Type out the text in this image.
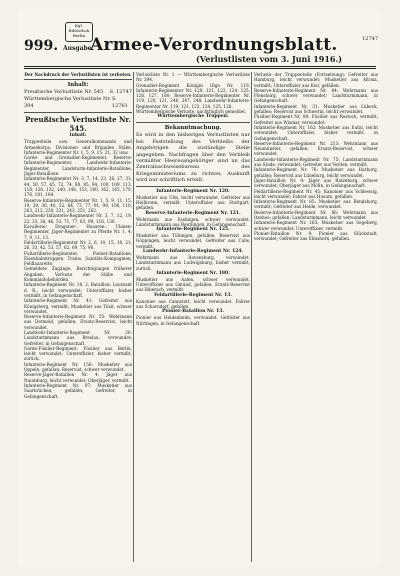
Kgl. Bibliothek Berlin
999. Ausgabe.
Armee-Verordnungsblatt.	12747
(Verlustlisten vom 3. Juni 1916.)
Der Nachdruck der Verlustlisten ist verboten.
Inhalt:
Preußische Verlustliste Nr. 545 S. 12747
Württembergische Verlustliste Nr. 394
S. 12761
Preußische Verlustliste Nr. 545.
Inhalt:
Truppenteile usw. Generalkommando und Armeekorps, Divisionen und Brigaden Stäbe, Infanterie-Regimenter Nr. 1, 5, 9, 15, 21, 32 usw.
Garde- und Grenadier-Regimenter, Reserve-Infanterie-Regimenter, Landwehr-Infanterie-Regimenter, Landsturm-Infanterie-Bataillone, Jäger-Bataillone.
Infanterie-Regimenter Nr. 3, 7, 14, 23, 26, 27, 31, 44, 50, 57, 65, 72, 74, 80, 85, 94, 100, 109, 113, 118, 128, 132, 140, 148, 153, 160, 162, 165, 170, 176, 181, 184.
Reserve-Infanterie-Regimenter Nr. 1, 5, 9, 11, 15, 19, 29, 36, 40, 52, 64, 73, 77, 91, 98, 106, 110, 203, 212, 220, 231, 243, 251, 262.
Landwehr-Infanterie-Regimenter Nr. 3, 7, 12, 19, 22, 33, 38, 46, 53, 71, 77, 83, 99, 116, 130.
Kavallerie: Dragoner-, Husaren-, Ulanen-Regimenter, Jäger-Regimenter zu Pferde Nr. 1, 4, 7, 9, 11, 13.
Feldartillerie-Regimenter Nr. 2, 6, 10, 15, 18, 21, 26, 33, 42, 53, 57, 62, 69, 75, 96.
Fußartillerie-Regimenter, Pionier-Bataillone, Eisenbahntruppen, Trains, Sanitäts-Kompagnien, Feldlazarette.
Gemeldete Zugänge, Berichtigungen früherer Angaben, Verluste der Stäbe und Kommandobehörden.
Infanterie-Regiment Nr. 18, 2. Bataillon: Leutnant d. R., leicht verwundet; Unteroffizier, bisher vermißt, in Gefangenschaft.
Infanterie-Regiment Nr. 41: Gefreiter aus Königsberg, vermißt; Musketier aus Tilsit, schwer verwundet.
Reserve-Infanterie-Regiment Nr. 55: Wehrmann aus Detmold, gefallen; Ersatz-Reservist, leicht verwundet.
Landwehr-Infanterie-Regiment Nr. 20: Landsturmmann aus Breslau, verwundet; Gefreiter, in Gefangenschaft.
Garde-Füsilier-Regiment: Füsilier aus Berlin, leicht verwundet; Unteroffizier, bisher vermißt, zurück.
Infanterie-Regiment Nr. 156: Musketier aus Oppeln, gefallen; Reservist, schwer verwundet.
Reserve-Jäger-Bataillon Nr. 4: Jäger aus Naumburg, leicht verwundet; Oberjäger, vermißt.
Infanterie-Regiment Nr. 97: Musketier aus Saarbrücken, gefallen; Gefreiter, in Gefangenschaft.
Verlustliste Nr. 1 — Württembergische Verlustliste Nr. 394.
Grenadier-Regiment Königin Olga Nr. 119, Infanterie-Regimenter Nr. 120, 121, 122, 124, 125, 126, 127, 180; Reserve-Infanterie-Regimenter Nr. 119, 120, 121, 246, 247, 248; Landwehr-Infanterie-Regimenter Nr. 119, 121, 123, 124, 125, 126.
Württembergische Verluste, nachträglich gemeldet.
Württembergische Truppen:
Bekanntmachung.
Es wird in den bisherigen Verlustlisten nur bei Feststellung des Verbleibs der Angehörigen die zuständige Stelle angegeben. Nachfragen über den Verbleib vermißter Heeresangehöriger sind an das Zentralnachweisebureau des Kriegsministeriums zu richten; Auskunft wird nur schriftlich erteilt.
Infanterie-Regiment Nr. 120.
Musketier aus Ulm, leicht verwundet. Gefreiter aus Heilbronn, vermißt. Unteroffizier aus Stuttgart, gefallen.
Reserve-Infanterie-Regiment Nr. 121.
Wehrmann aus Esslingen, schwer verwundet. Landsturmmann aus Reutlingen, in Gefangenschaft.
Infanterie-Regiment Nr. 125.
Musketier aus Tübingen, gefallen. Reservist aus Göppingen, leicht verwundet. Gefreiter aus Calw, vermißt.
Landwehr-Infanterie-Regiment Nr. 124.
Wehrmann aus Ravensburg, verwundet. Landsturmmann aus Ludwigsburg, bisher vermißt, zurück.
Infanterie-Regiment Nr. 180.
Musketier aus Aalen, schwer verwundet. Unteroffizier aus Gmünd, gefallen. Ersatz-Reservist aus Biberach, vermißt.
Feldartillerie-Regiment Nr. 13.
Kanonier aus Cannstatt, leicht verwundet. Fahrer aus Schorndorf, gefallen.
Pionier-Bataillon Nr. 13.
Pionier aus Heidenheim, verwundet. Gefreiter aus Nürtingen, in Gefangenschaft.
Verluste der Truppenteile (Fortsetzung): Gefreiter aus Hamburg, leicht verwundet; Musketier aus Altona, vermißt; Unteroffizier aus Kiel, gefallen.
Reserve-Infanterie-Regiment Nr. 84: Wehrmann aus Flensburg, schwer verwundet; Landsturmmann, in Gefangenschaft.
Infanterie-Regiment Nr. 31: Musketier aus Lübeck, gefallen; Reservist aus Schwerin, leicht verwundet.
Füsilier-Regiment Nr. 90: Füsilier aus Rostock, vermißt; Gefreiter aus Wismar, verwundet.
Infanterie-Regiment Nr. 162: Musketier aus Eutin, leicht verwundet; Unteroffizier, bisher vermißt, in Gefangenschaft.
Reserve-Infanterie-Regiment Nr. 213: Wehrmann aus Neumünster, gefallen; Ersatz-Reservist, schwer verwundet.
Landwehr-Infanterie-Regiment Nr. 75: Landsturmmann aus Stade, verwundet; Gefreiter aus Verden, vermißt.
Infanterie-Regiment Nr. 76: Musketier aus Harburg, gefallen; Reservist aus Lüneburg, leicht verwundet.
Jäger-Bataillon Nr. 9: Jäger aus Ratzeburg, schwer verwundet; Oberjäger aus Mölln, in Gefangenschaft.
Feldartillerie-Regiment Nr. 45: Kanonier aus Schleswig, leicht verwundet; Fahrer aus Husum, gefallen.
Infanterie-Regiment Nr. 85: Musketier aus Rendsburg, vermißt; Gefreiter aus Heide, verwundet.
Reserve-Infanterie-Regiment Nr. 86: Wehrmann aus Itzehoe, gefallen; Landsturmmann, leicht verwundet.
Infanterie-Regiment Nr. 163: Musketier aus Segeberg, schwer verwundet; Unteroffizier, vermißt.
Pionier-Bataillon Nr. 9: Pionier aus Glückstadt, verwundet; Gefreiter aus Elmshorn, gefallen.
